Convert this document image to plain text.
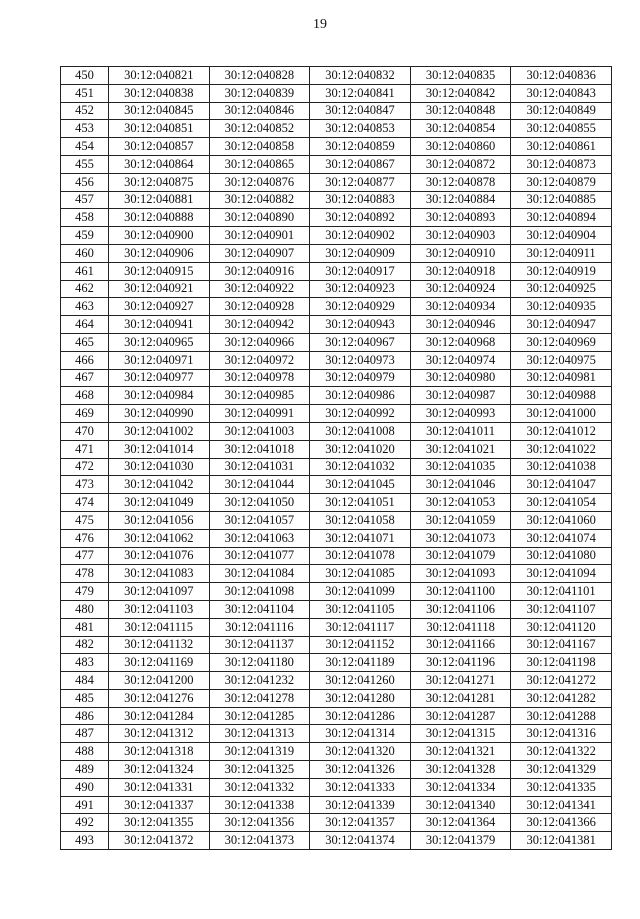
19
450	30:12:040821	30:12:040828	30:12:040832	30:12:040835	30:12:040836
451	30:12:040838	30:12:040839	30:12:040841	30:12:040842	30:12:040843
452	30:12:040845	30:12:040846	30:12:040847	30:12:040848	30:12:040849
453	30:12:040851	30:12:040852	30:12:040853	30:12:040854	30:12:040855
454	30:12:040857	30:12:040858	30:12:040859	30:12:040860	30:12:040861
455	30:12:040864	30:12:040865	30:12:040867	30:12:040872	30:12:040873
456	30:12:040875	30:12:040876	30:12:040877	30:12:040878	30:12:040879
457	30:12:040881	30:12:040882	30:12:040883	30:12:040884	30:12:040885
458	30:12:040888	30:12:040890	30:12:040892	30:12:040893	30:12:040894
459	30:12:040900	30:12:040901	30:12:040902	30:12:040903	30:12:040904
460	30:12:040906	30:12:040907	30:12:040909	30:12:040910	30:12:040911
461	30:12:040915	30:12:040916	30:12:040917	30:12:040918	30:12:040919
462	30:12:040921	30:12:040922	30:12:040923	30:12:040924	30:12:040925
463	30:12:040927	30:12:040928	30:12:040929	30:12:040934	30:12:040935
464	30:12:040941	30:12:040942	30:12:040943	30:12:040946	30:12:040947
465	30:12:040965	30:12:040966	30:12:040967	30:12:040968	30:12:040969
466	30:12:040971	30:12:040972	30:12:040973	30:12:040974	30:12:040975
467	30:12:040977	30:12:040978	30:12:040979	30:12:040980	30:12:040981
468	30:12:040984	30:12:040985	30:12:040986	30:12:040987	30:12:040988
469	30:12:040990	30:12:040991	30:12:040992	30:12:040993	30:12:041000
470	30:12:041002	30:12:041003	30:12:041008	30:12:041011	30:12:041012
471	30:12:041014	30:12:041018	30:12:041020	30:12:041021	30:12:041022
472	30:12:041030	30:12:041031	30:12:041032	30:12:041035	30:12:041038
473	30:12:041042	30:12:041044	30:12:041045	30:12:041046	30:12:041047
474	30:12:041049	30:12:041050	30:12:041051	30:12:041053	30:12:041054
475	30:12:041056	30:12:041057	30:12:041058	30:12:041059	30:12:041060
476	30:12:041062	30:12:041063	30:12:041071	30:12:041073	30:12:041074
477	30:12:041076	30:12:041077	30:12:041078	30:12:041079	30:12:041080
478	30:12:041083	30:12:041084	30:12:041085	30:12:041093	30:12:041094
479	30:12:041097	30:12:041098	30:12:041099	30:12:041100	30:12:041101
480	30:12:041103	30:12:041104	30:12:041105	30:12:041106	30:12:041107
481	30:12:041115	30:12:041116	30:12:041117	30:12:041118	30:12:041120
482	30:12:041132	30:12:041137	30:12:041152	30:12:041166	30:12:041167
483	30:12:041169	30:12:041180	30:12:041189	30:12:041196	30:12:041198
484	30:12:041200	30:12:041232	30:12:041260	30:12:041271	30:12:041272
485	30:12:041276	30:12:041278	30:12:041280	30:12:041281	30:12:041282
486	30:12:041284	30:12:041285	30:12:041286	30:12:041287	30:12:041288
487	30:12:041312	30:12:041313	30:12:041314	30:12:041315	30:12:041316
488	30:12:041318	30:12:041319	30:12:041320	30:12:041321	30:12:041322
489	30:12:041324	30:12:041325	30:12:041326	30:12:041328	30:12:041329
490	30:12:041331	30:12:041332	30:12:041333	30:12:041334	30:12:041335
491	30:12:041337	30:12:041338	30:12:041339	30:12:041340	30:12:041341
492	30:12:041355	30:12:041356	30:12:041357	30:12:041364	30:12:041366
493	30:12:041372	30:12:041373	30:12:041374	30:12:041379	30:12:041381
